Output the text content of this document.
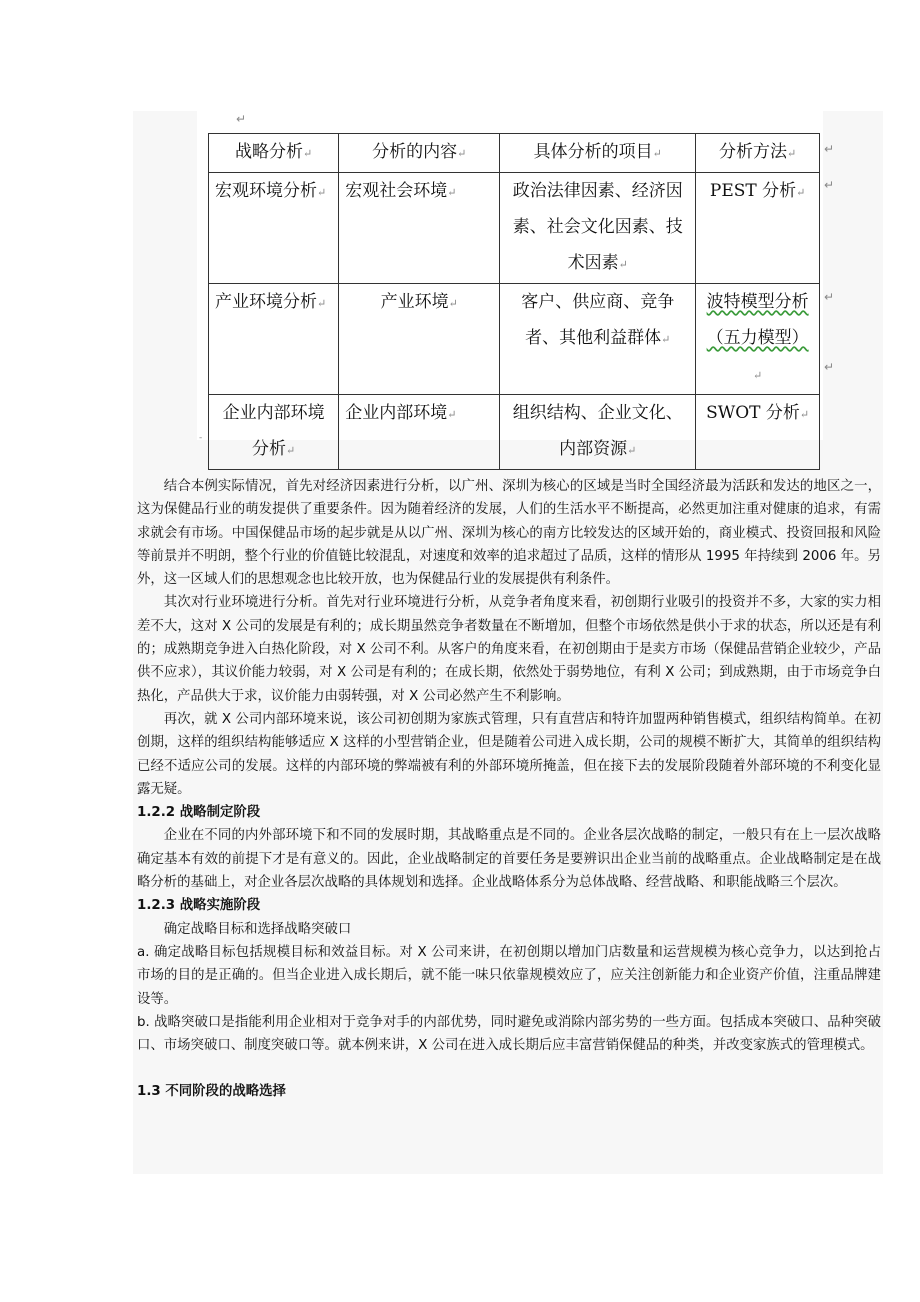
↵
-
战略分析↵	分析的内容↵	具体分析的项目↵	分析方法↵
宏观环境分析↵	宏观社会环境↵	政治法律因素、经济因素、社会文化因素、技术因素↵	PEST 分析↵
产业环境分析↵	产业环境↵	客户、供应商、竞争者、其他利益群体↵	波特模型分析（五力模型）↵
企业内部环境分析↵	企业内部环境↵	组织结构、企业文化、内部资源↵	SWOT 分析↵
↵
↵
↵
↵

结合本例实际情况，首先对经济因素进行分析，以广州、深圳为核心的区域是当时全国经济最为活跃和发达的地区之一，这为保健品行业的萌发提供了重要条件。因为随着经济的发展，人们的生活水平不断提高，必然更加注重对健康的追求，有需求就会有市场。中国保健品市场的起步就是从以广州、深圳为核心的南方比较发达的区域开始的，商业模式、投资回报和风险等前景并不明朗，整个行业的价值链比较混乱，对速度和效率的追求超过了品质，这样的情形从 1995 年持续到 2006 年。另外，这一区域人们的思想观念也比较开放，也为保健品行业的发展提供有利条件。

其次对行业环境进行分析。首先对行业环境进行分析，从竞争者角度来看，初创期行业吸引的投资并不多，大家的实力相差不大，这对 X 公司的发展是有利的；成长期虽然竞争者数量在不断增加，但整个市场依然是供小于求的状态，所以还是有利的；成熟期竞争进入白热化阶段，对 X 公司不利。从客户的角度来看，在初创期由于是卖方市场（保健品营销企业较少，产品供不应求），其议价能力较弱，对 X 公司是有利的；在成长期，依然处于弱势地位，有利 X 公司；到成熟期，由于市场竞争白热化，产品供大于求，议价能力由弱转强，对 X 公司必然产生不利影响。

再次，就 X 公司内部环境来说，该公司初创期为家族式管理，只有直营店和特许加盟两种销售模式，组织结构简单。在初创期，这样的组织结构能够适应 X 这样的小型营销企业，但是随着公司进入成长期，公司的规模不断扩大，其简单的组织结构已经不适应公司的发展。这样的内部环境的弊端被有利的外部环境所掩盖，但在接下去的发展阶段随着外部环境的不利变化显露无疑。

1.2.2 战略制定阶段

企业在不同的内外部环境下和不同的发展时期，其战略重点是不同的。企业各层次战略的制定，一般只有在上一层次战略确定基本有效的前提下才是有意义的。因此，企业战略制定的首要任务是要辨识出企业当前的战略重点。企业战略制定是在战略分析的基础上，对企业各层次战略的具体规划和选择。企业战略体系分为总体战略、经营战略、和职能战略三个层次。

1.2.3 战略实施阶段

确定战略目标和选择战略突破口

a. 确定战略目标包括规模目标和效益目标。对 X 公司来讲，在初创期以增加门店数量和运营规模为核心竞争力，以达到抢占市场的目的是正确的。但当企业进入成长期后，就不能一味只依靠规模效应了，应关注创新能力和企业资产价值，注重品牌建设等。

b. 战略突破口是指能利用企业相对于竞争对手的内部优势，同时避免或消除内部劣势的一些方面。包括成本突破口、品种突破口、市场突破口、制度突破口等。就本例来讲，X 公司在进入成长期后应丰富营销保健品的种类，并改变家族式的管理模式。

1.3 不同阶段的战略选择
